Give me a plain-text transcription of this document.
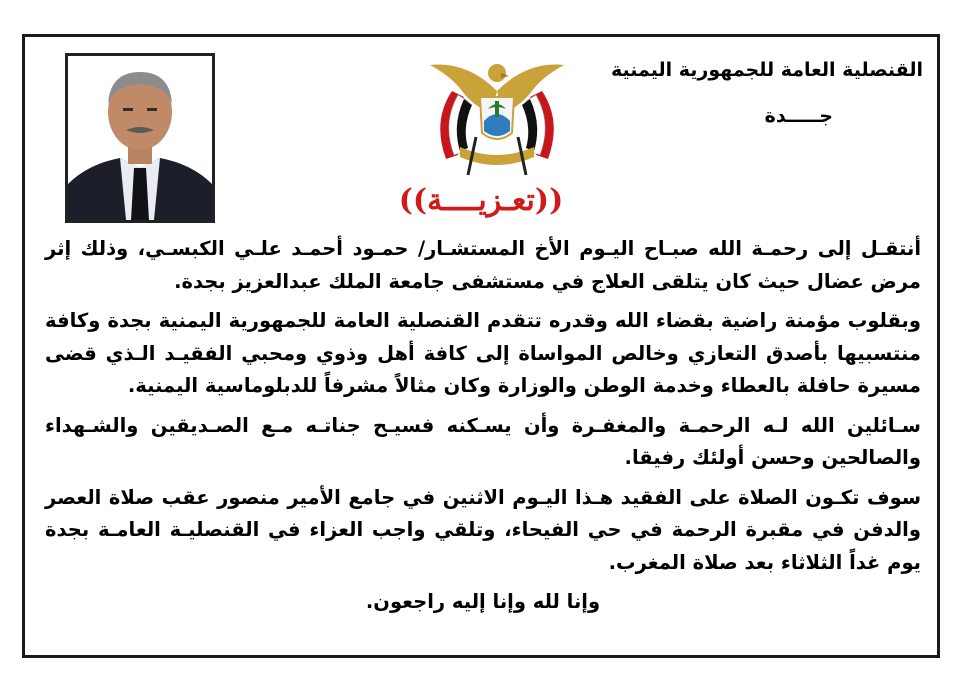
القنصلية العامة للجمهورية اليمنية
جـــــدة
((تعـزيــــة))

أنتقـل إلى رحمـة الله صبـاح اليـوم الأخ المستشـار/ حمـود أحمـد علـي الكبسـي، وذلك إثر مرض عضال حيث كان يتلقى العلاج في مستشفى جامعة الملك عبدالعزيز بجدة.

وبقلوب مؤمنة راضية بقضاء الله وقدره تتقدم القنصلية العامة للجمهورية اليمنية بجدة وكافة منتسبيها بأصدق التعازي وخالص المواساة إلى كافة أهل وذوي ومحبي الفقيـد الـذي قضى مسيرة حافلة بالعطاء وخدمة الوطن والوزارة وكان مثالاً مشرفاً للدبلوماسية اليمنية.

سـائلين الله لـه الرحمـة والمغفـرة وأن يسـكنه فسيـح جناتـه مـع الصـديقين والشـهداء والصالحين وحسن أولئك رفيقا.

سوف تكـون الصلاة على الفقيد هـذا اليـوم الاثنين في جامع الأمير منصور عقب صلاة العصر والدفن في مقبرة الرحمة في حي الفيحاء، وتلقي واجب العزاء في القنصليـة العامـة بجدة يوم غداً الثلاثاء بعد صلاة المغرب.

وإنا لله وإنا إليه راجعون.
